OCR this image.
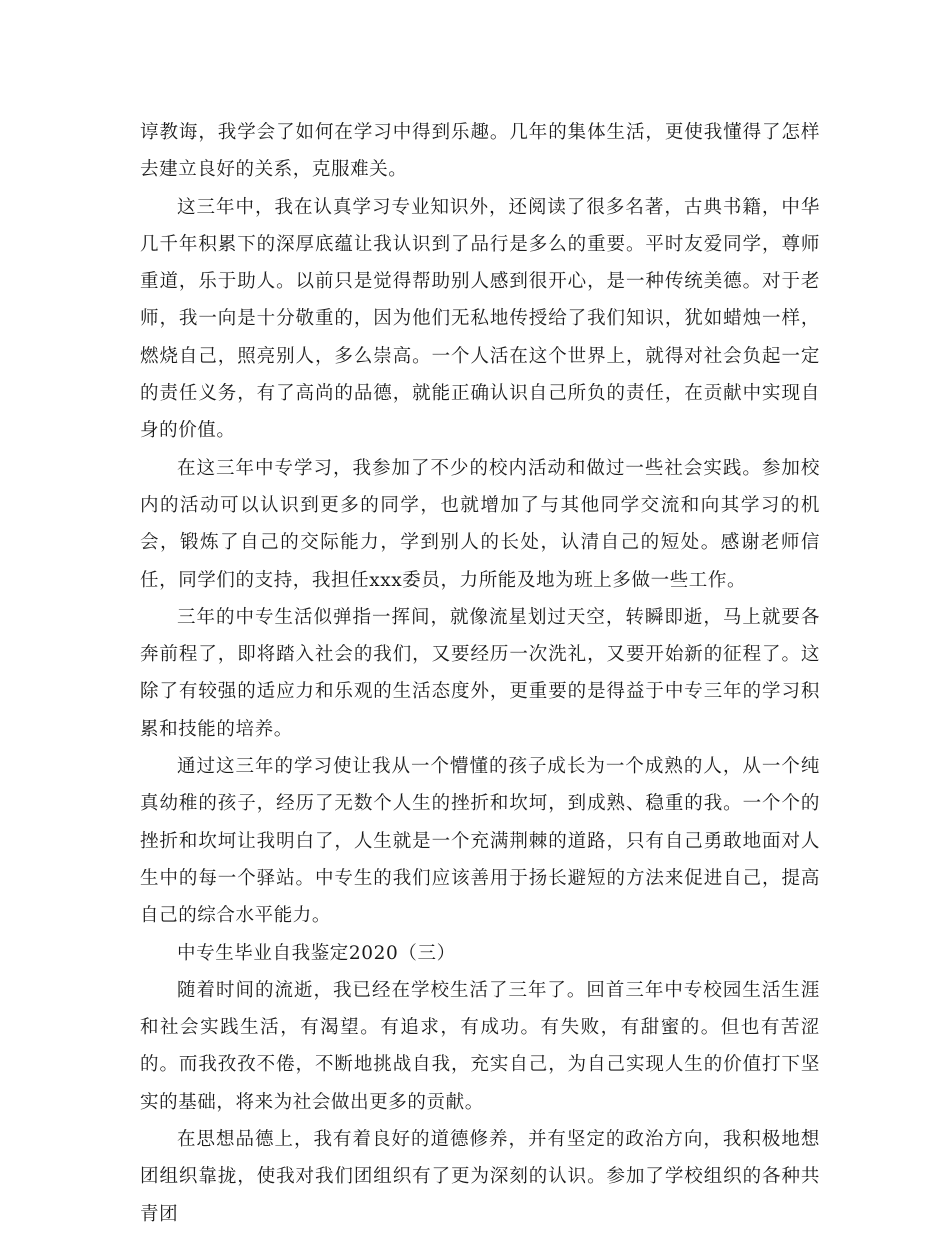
谆教诲，我学会了如何在学习中得到乐趣。几年的集体生活，更使我懂得了怎样去建立良好的关系，克服难关。

这三年中，我在认真学习专业知识外，还阅读了很多名著，古典书籍，中华几千年积累下的深厚底蕴让我认识到了品行是多么的重要。平时友爱同学，尊师重道，乐于助人。以前只是觉得帮助别人感到很开心，是一种传统美德。对于老师，我一向是十分敬重的，因为他们无私地传授给了我们知识，犹如蜡烛一样，燃烧自己，照亮别人，多么崇高。一个人活在这个世界上，就得对社会负起一定的责任义务，有了高尚的品德，就能正确认识自己所负的责任，在贡献中实现自身的价值。

在这三年中专学习，我参加了不少的校内活动和做过一些社会实践。参加校内的活动可以认识到更多的同学，也就增加了与其他同学交流和向其学习的机会，锻炼了自己的交际能力，学到别人的长处，认清自己的短处。感谢老师信任，同学们的支持，我担任xxx委员，力所能及地为班上多做一些工作。

三年的中专生活似弹指一挥间，就像流星划过天空，转瞬即逝，马上就要各奔前程了，即将踏入社会的我们，又要经历一次洗礼，又要开始新的征程了。这除了有较强的适应力和乐观的生活态度外，更重要的是得益于中专三年的学习积累和技能的培养。

通过这三年的学习使让我从一个懵懂的孩子成长为一个成熟的人，从一个纯真幼稚的孩子，经历了无数个人生的挫折和坎坷，到成熟、稳重的我。一个个的挫折和坎坷让我明白了，人生就是一个充满荆棘的道路，只有自己勇敢地面对人生中的每一个驿站。中专生的我们应该善用于扬长避短的方法来促进自己，提高自己的综合水平能力。

中专生毕业自我鉴定2020（三）

随着时间的流逝，我已经在学校生活了三年了。回首三年中专校园生活生涯和社会实践生活，有渴望。有追求，有成功。有失败，有甜蜜的。但也有苦涩的。而我孜孜不倦，不断地挑战自我，充实自己，为自己实现人生的价值打下坚实的基础，将来为社会做出更多的贡献。

在思想品德上，我有着良好的道德修养，并有坚定的政治方向，我积极地想团组织靠拢，使我对我们团组织有了更为深刻的认识。参加了学校组织的各种共青团
